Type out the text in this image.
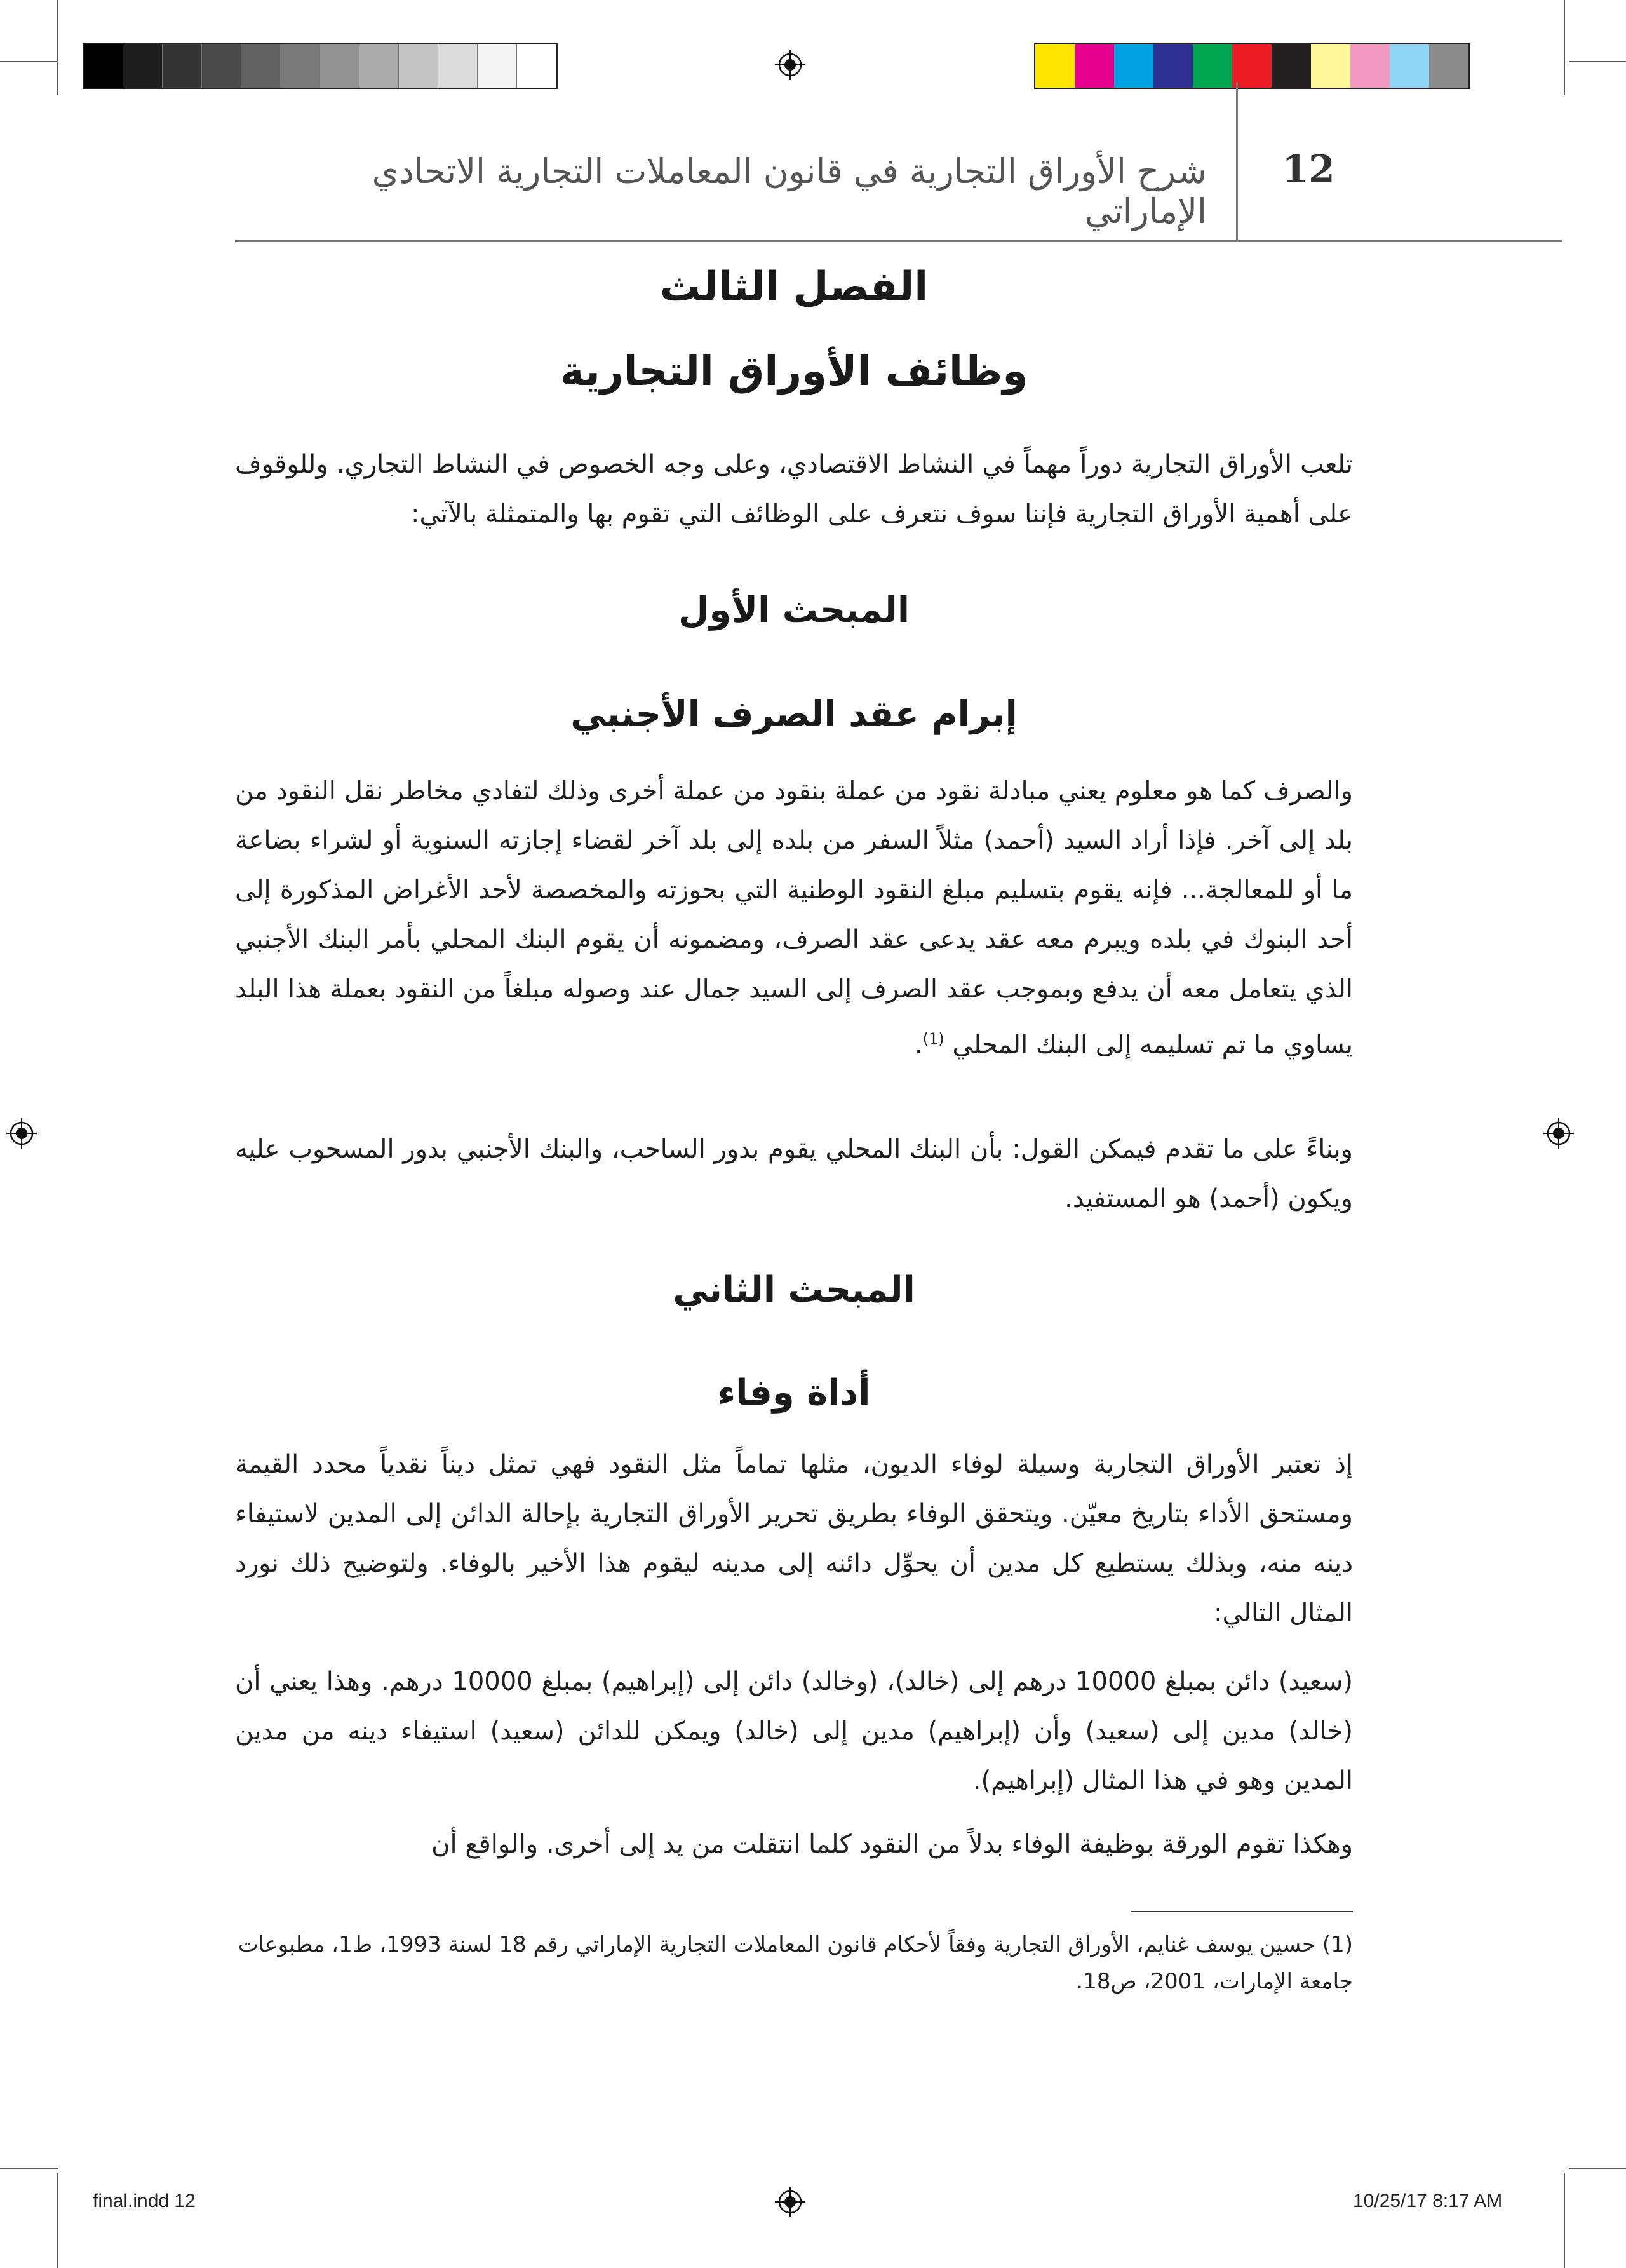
شرح الأوراق التجارية في قانون المعاملات التجارية الاتحادي الإماراتي
12
الفصل الثالث
وظائف الأوراق التجارية
تلعب الأوراق التجارية دوراً مهماً في النشاط الاقتصادي، وعلى وجه الخصوص في النشاط التجاري. وللوقوف على أهمية الأوراق التجارية فإننا سوف نتعرف على الوظائف التي تقوم بها والمتمثلة بالآتي:
المبحث الأول
إبرام عقد الصرف الأجنبي
والصرف كما هو معلوم يعني مبادلة نقود من عملة بنقود من عملة أخرى وذلك لتفادي مخاطر نقل النقود من بلد إلى آخر. فإذا أراد السيد (أحمد) مثلاً السفر من بلده إلى بلد آخر لقضاء إجازته السنوية أو لشراء بضاعة ما أو للمعالجة... فإنه يقوم بتسليم مبلغ النقود الوطنية التي بحوزته والمخصصة لأحد الأغراض المذكورة إلى أحد البنوك في بلده ويبرم معه عقد يدعى عقد الصرف، ومضمونه أن يقوم البنك المحلي بأمر البنك الأجنبي الذي يتعامل معه أن يدفع وبموجب عقد الصرف إلى السيد جمال عند وصوله مبلغاً من النقود بعملة هذا البلد يساوي ما تم تسليمه إلى البنك المحلي $^{(1)}$.
وبناءً على ما تقدم فيمكن القول: بأن البنك المحلي يقوم بدور الساحب، والبنك الأجنبي بدور المسحوب عليه ويكون (أحمد) هو المستفيد.
المبحث الثاني
أداة وفاء
إذ تعتبر الأوراق التجارية وسيلة لوفاء الديون، مثلها تماماً مثل النقود فهي تمثل ديناً نقدياً محدد القيمة ومستحق الأداء بتاريخ معيّن. ويتحقق الوفاء بطريق تحرير الأوراق التجارية بإحالة الدائن إلى المدين لاستيفاء دينه منه، وبذلك يستطيع كل مدين أن يحوِّل دائنه إلى مدينه ليقوم هذا الأخير بالوفاء. ولتوضيح ذلك نورد المثال التالي:
(سعيد) دائن بمبلغ 10000 درهم إلى (خالد)، (وخالد) دائن إلى (إبراهيم) بمبلغ 10000 درهم. وهذا يعني أن (خالد) مدين إلى (سعيد) وأن (إبراهيم) مدين إلى (خالد) ويمكن للدائن (سعيد) استيفاء دينه من مدين المدين وهو في هذا المثال (إبراهيم).
وهكذا تقوم الورقة بوظيفة الوفاء بدلاً من النقود كلما انتقلت من يد إلى أخرى. والواقع أن
(1) حسين يوسف غنايم، الأوراق التجارية وفقاً لأحكام قانون المعاملات التجارية الإماراتي رقم 18 لسنة 1993، ط1، مطبوعات جامعة الإمارات، 2001، ص18.
final.indd 12	10/25/17 8:17 AM
